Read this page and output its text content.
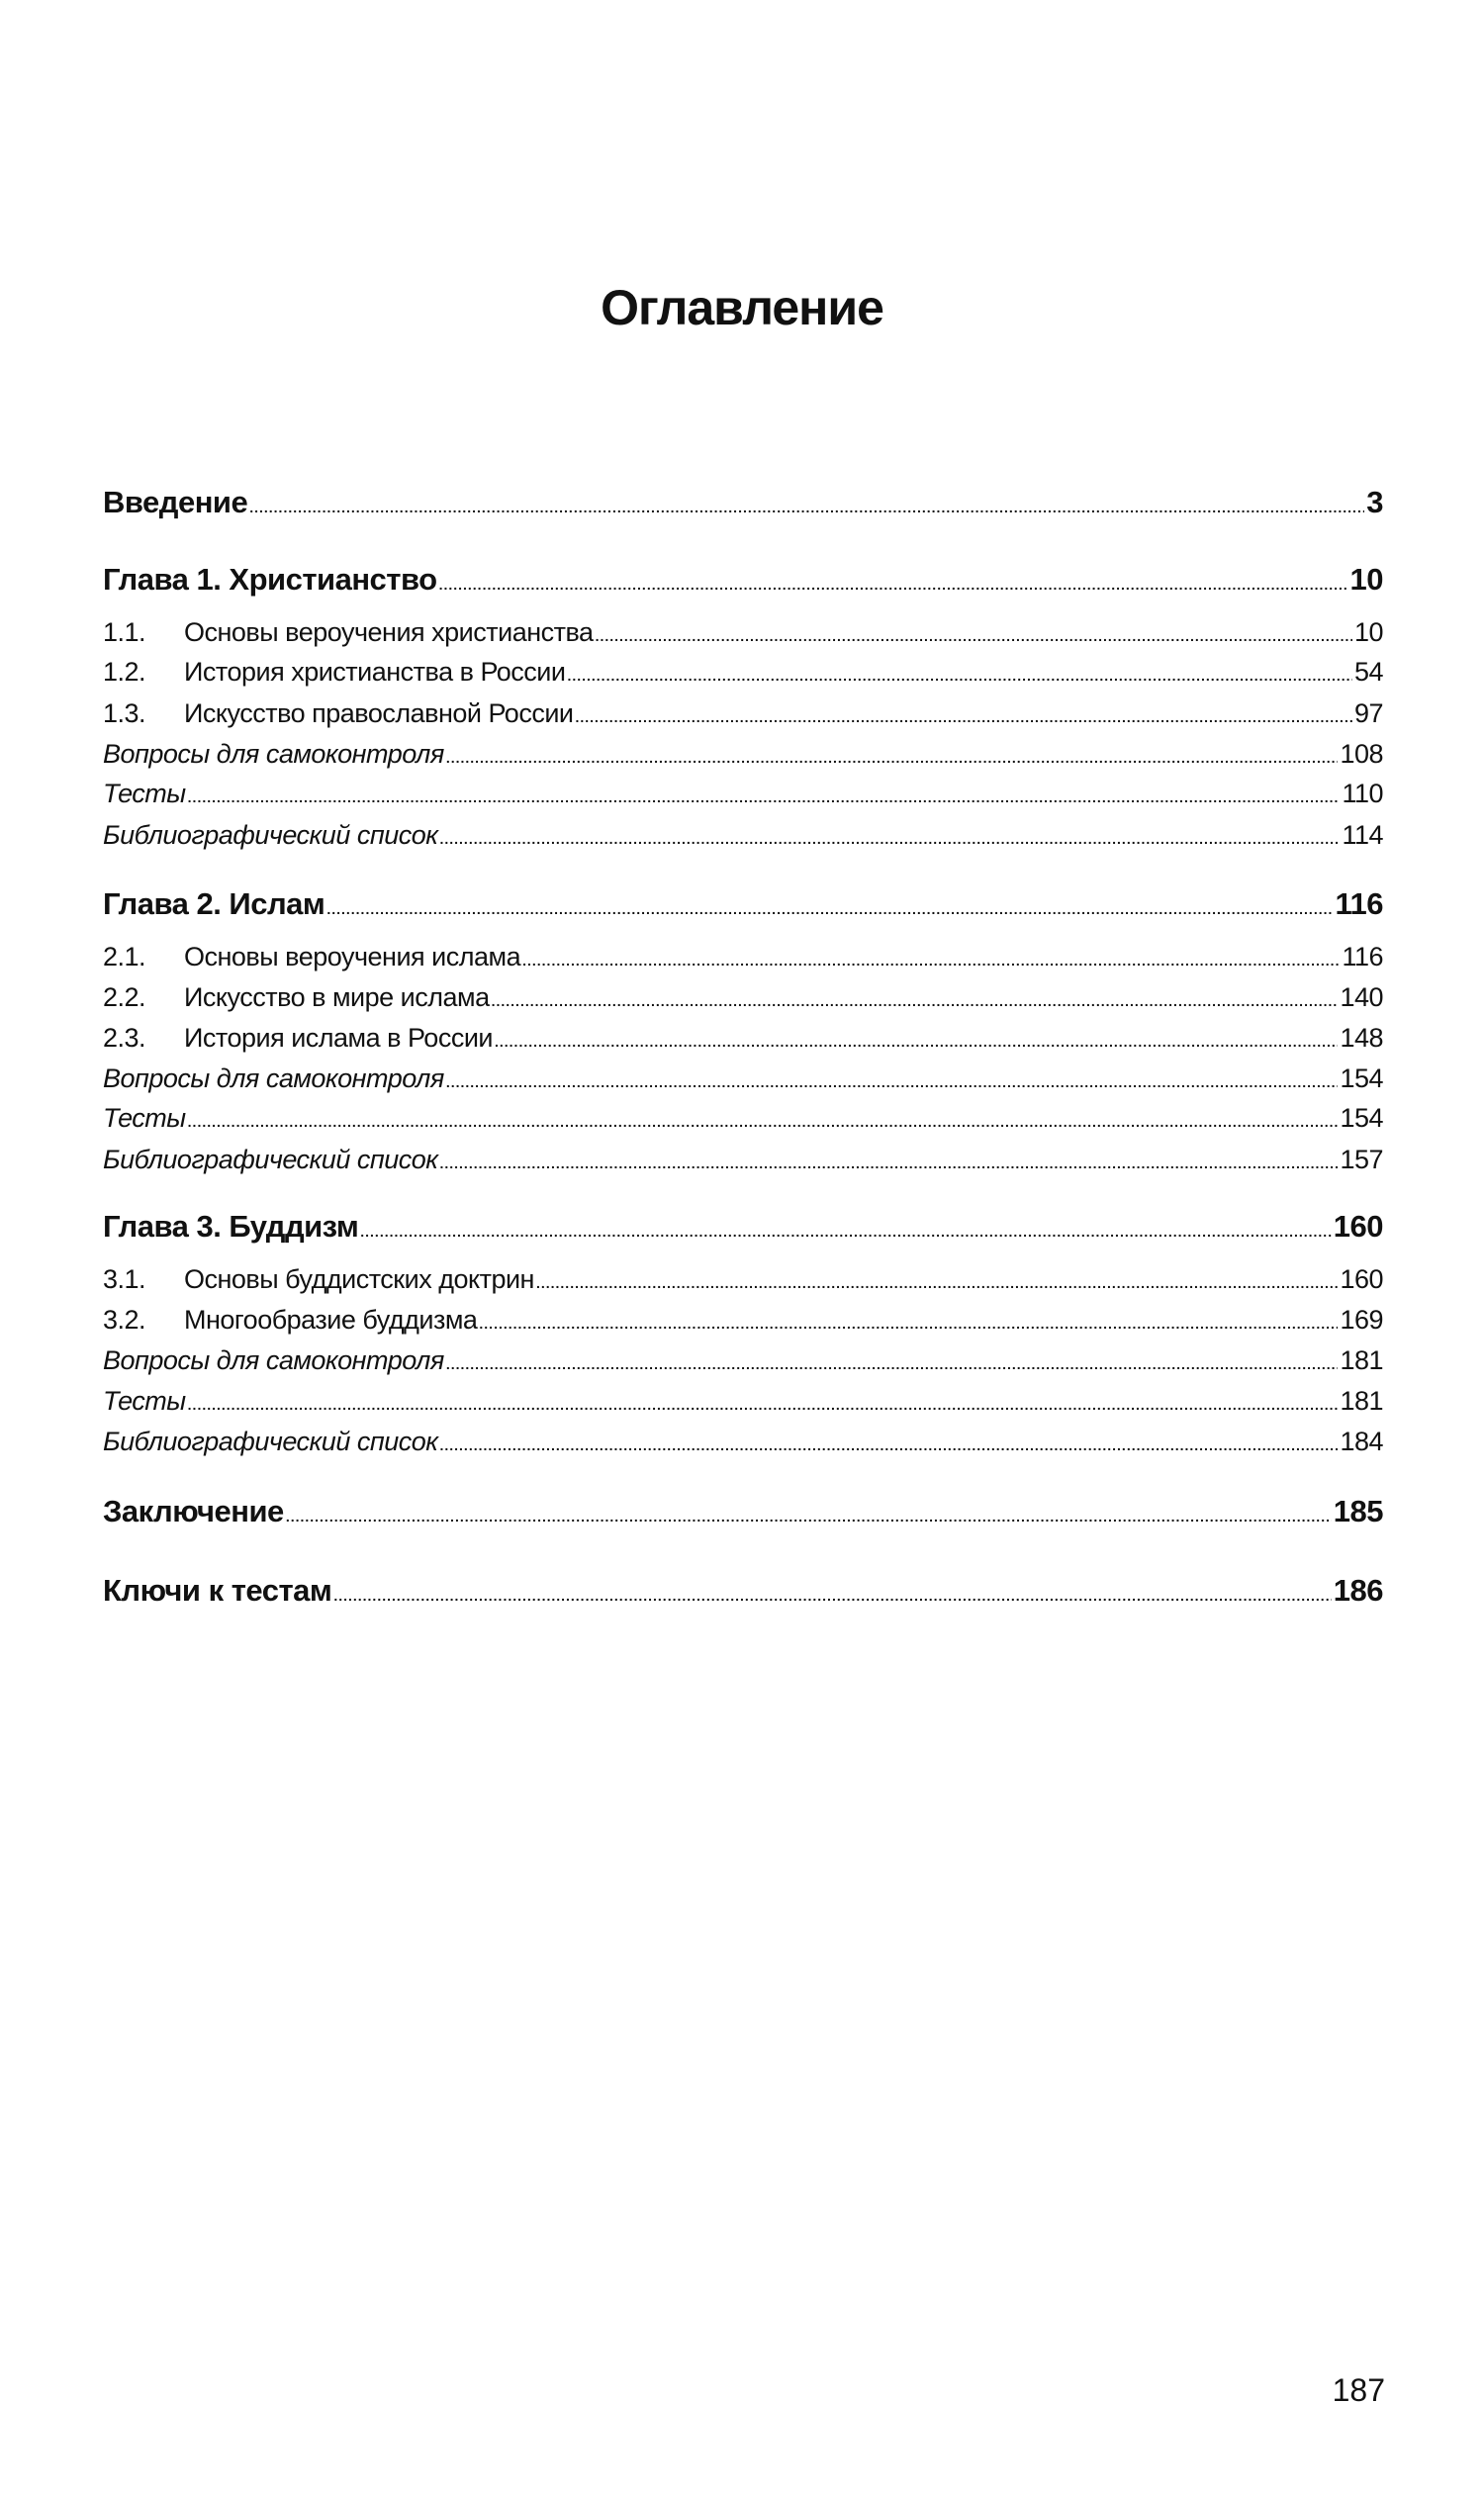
Оглавление
Введение .....	3
Глава 1. Христианство .....	10
1.1.	Основы вероучения христианства .....	10
1.2.	История христианства в России .....	54
1.3.	Искусство православной России .....	97
Вопросы для самоконтроля .....	108
Тесты .....	110
Библиографический список .....	114
Глава 2. Ислам .....	116
2.1.	Основы вероучения ислама .....	116
2.2.	Искусство в мире ислама .....	140
2.3.	История ислама в России .....	148
Вопросы для самоконтроля .....	154
Тесты .....	154
Библиографический список .....	157
Глава 3. Буддизм .....	160
3.1.	Основы буддистских доктрин .....	160
3.2.	Многообразие буддизма .....	169
Вопросы для самоконтроля .....	181
Тесты .....	181
Библиографический список .....	184
Заключение .....	185
Ключи к тестам .....	186
187
